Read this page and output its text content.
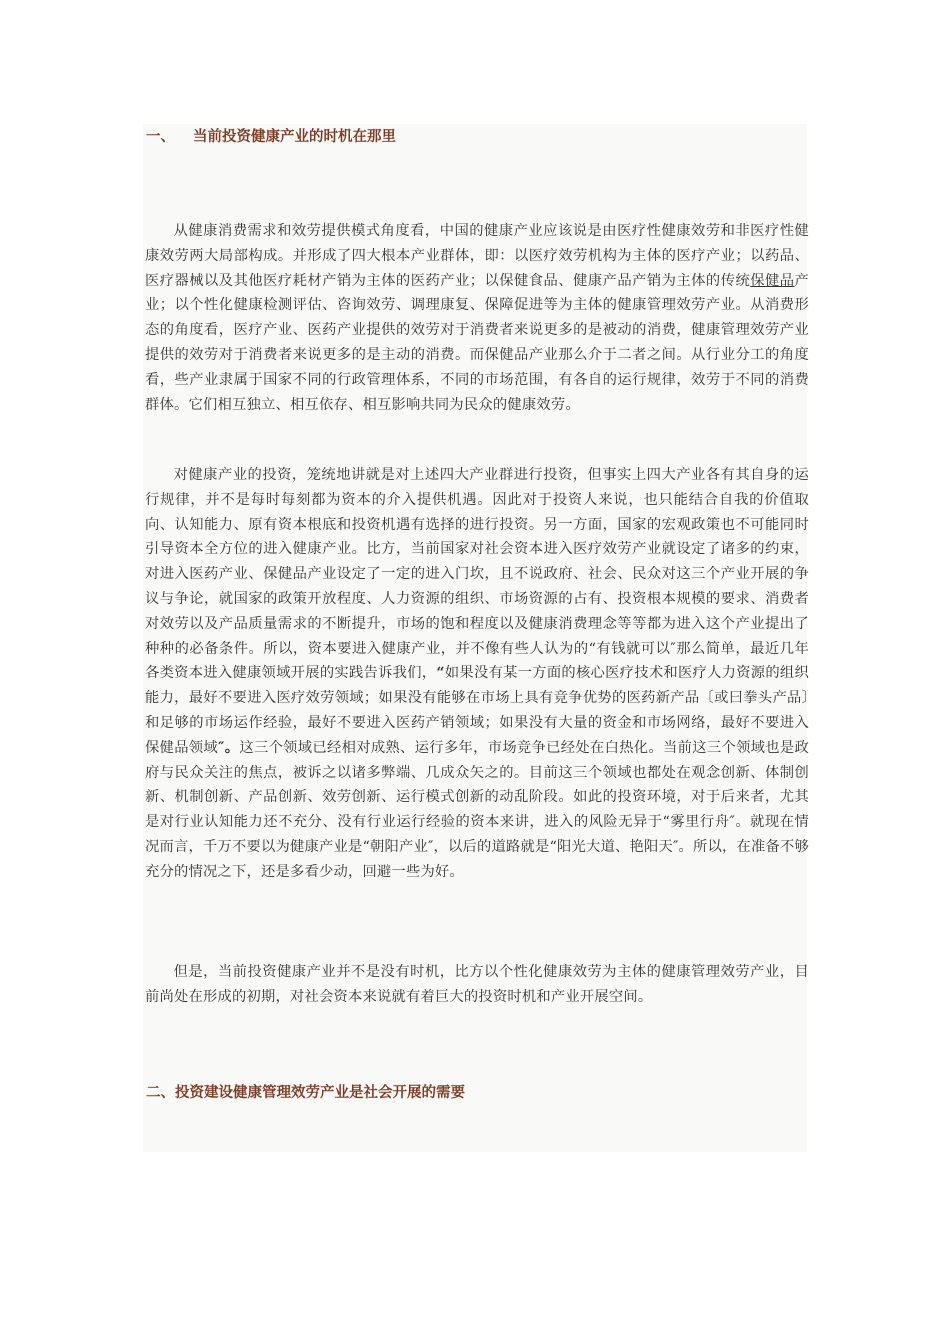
一、 当前投资健康产业的时机在那里

从健康消费需求和效劳提供模式角度看，中国的健康产业应该说是由医疗性健康效劳和非医疗性健康效劳两大局部构成。并形成了四大根本产业群体，即：以医疗效劳机构为主体的医疗产业；以药品、医疗器械以及其他医疗耗材产销为主体的医药产业；以保健食品、健康产品产销为主体的传统保健品产业；以个性化健康检测评估、咨询效劳、调理康复、保障促进等为主体的健康管理效劳产业。从消费形态的角度看，医疗产业、医药产业提供的效劳对于消费者来说更多的是被动的消费，健康管理效劳产业提供的效劳对于消费者来说更多的是主动的消费。而保健品产业那么介于二者之间。从行业分工的角度看，些产业隶属于国家不同的行政管理体系，不同的市场范围，有各自的运行规律，效劳于不同的消费群体。它们相互独立、相互依存、相互影响共同为民众的健康效劳。

对健康产业的投资，笼统地讲就是对上述四大产业群进行投资，但事实上四大产业各有其自身的运行规律，并不是每时每刻都为资本的介入提供机遇。因此对于投资人来说，也只能结合自我的价值取向、认知能力、原有资本根底和投资机遇有选择的进行投资。另一方面，国家的宏观政策也不可能同时引导资本全方位的进入健康产业。比方，当前国家对社会资本进入医疗效劳产业就设定了诸多的约束，对进入医药产业、保健品产业设定了一定的进入门坎，且不说政府、社会、民众对这三个产业开展的争议与争论，就国家的政策开放程度、人力资源的组织、市场资源的占有、投资根本规模的要求、消费者对效劳以及产品质量需求的不断提升，市场的饱和程度以及健康消费理念等等都为进入这个产业提出了种种的必备条件。所以，资本要进入健康产业，并不像有些人认为的“有钱就可以″那么简单，最近几年各类资本进入健康领域开展的实践告诉我们，“如果没有某一方面的核心医疗技术和医疗人力资源的组织能力，最好不要进入医疗效劳领域；如果没有能够在市场上具有竞争优势的医药新产品〔或曰拳头产品〕和足够的市场运作经验，最好不要进入医药产销领域；如果没有大量的资金和市场网络，最好不要进入保健品领域″。这三个领域已经相对成熟、运行多年，市场竞争已经处在白热化。当前这三个领域也是政府与民众关注的焦点，被诉之以诸多弊端、几成众矢之的。目前这三个领域也都处在观念创新、体制创新、机制创新、产品创新、效劳创新、运行模式创新的动乱阶段。如此的投资环境，对于后来者，尤其是对行业认知能力还不充分、没有行业运行经验的资本来讲，进入的风险无异于“雾里行舟″。就现在情况而言，千万不要以为健康产业是“朝阳产业″，以后的道路就是“阳光大道、艳阳天″。所以，在准备不够充分的情况之下，还是多看少动，回避一些为好。

但是，当前投资健康产业并不是没有时机，比方以个性化健康效劳为主体的健康管理效劳产业，目前尚处在形成的初期，对社会资本来说就有着巨大的投资时机和产业开展空间。

二、投资建设健康管理效劳产业是社会开展的需要
